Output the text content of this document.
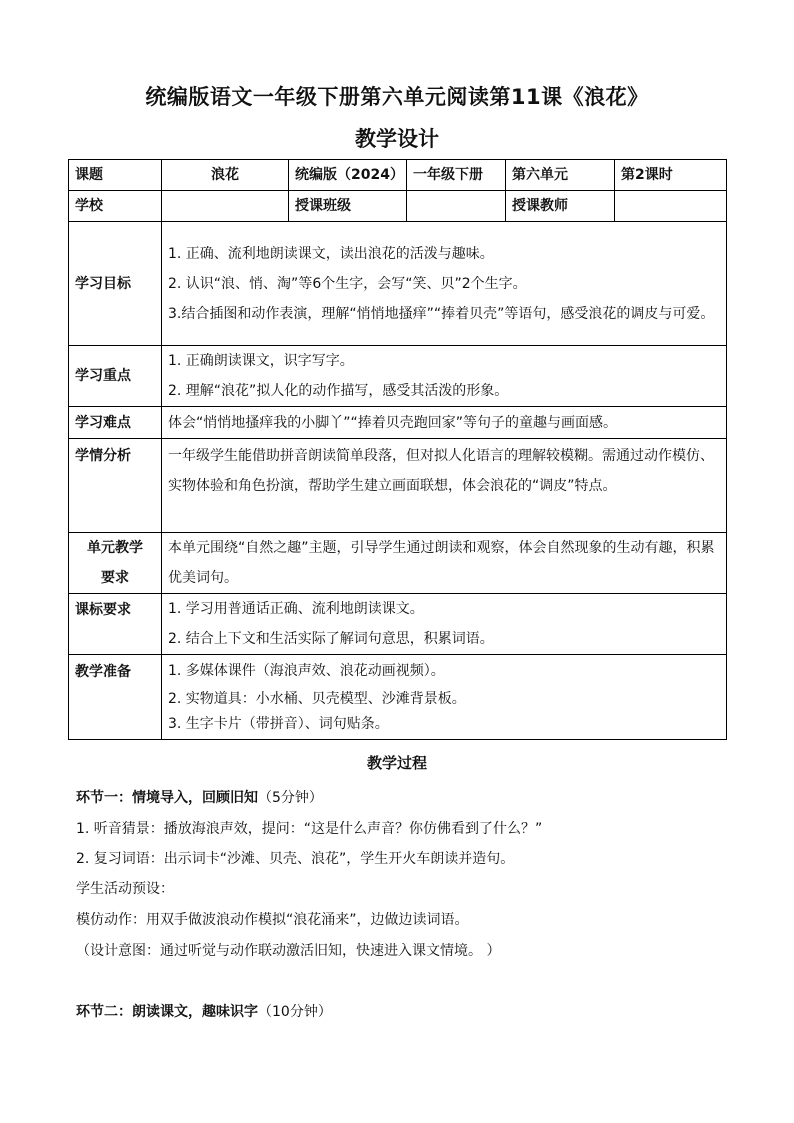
统编版语文一年级下册第六单元阅读第11课《浪花》
教学设计
课题	浪花	统编版（2024）	一年级下册	第六单元	第2课时
学校		授课班级		授课教师	
学习目标	1. 正确、流利地朗读课文，读出浪花的活泼与趣味。
2. 认识“浪、悄、淘”等6个生字，会写“笑、贝”2个生字。
3.结合插图和动作表演，理解“悄悄地搔痒”“捧着贝壳”等语句，感受浪花的调皮与可爱。				

学习重点	1. 正确朗读课文，识字写字。
2. 理解“浪花”拟人化的动作描写，感受其活泼的形象。				

学习难点	体会“悄悄地搔痒我的小脚丫”“捧着贝壳跑回家”等句子的童趣与画面感。				
学情分析	一年级学生能借助拼音朗读简单段落，但对拟人化语言的理解较模糊。需通过动作模仿、实物体验和角色扮演，帮助学生建立画面联想，体会浪花的“调皮”特点。				

单元教学
要求	本单元围绕“自然之趣”主题，引导学生通过朗读和观察，体会自然现象的生动有趣，积累优美词句。				
课标要求	1. 学习用普通话正确、流利地朗读课文。
2. 结合上下文和生活实际了解词句意思，积累词语。				

教学准备	1. 多媒体课件（海浪声效、浪花动画视频）。
2. 实物道具：小水桶、贝壳模型、沙滩背景板。
3. 生字卡片（带拼音）、词句贴条。				
教学过程
环节一：情境导入，回顾旧知（5分钟）
1. 听音猜景：播放海浪声效，提问：“这是什么声音？你仿佛看到了什么？”
2. 复习词语：出示词卡“沙滩、贝壳、浪花”，学生开火车朗读并造句。
学生活动预设：
模仿动作：用双手做波浪动作模拟“浪花涌来”，边做边读词语。
（设计意图：通过听觉与动作联动激活旧知，快速进入课文情境。 ）
环节二：朗读课文，趣味识字（10分钟）
